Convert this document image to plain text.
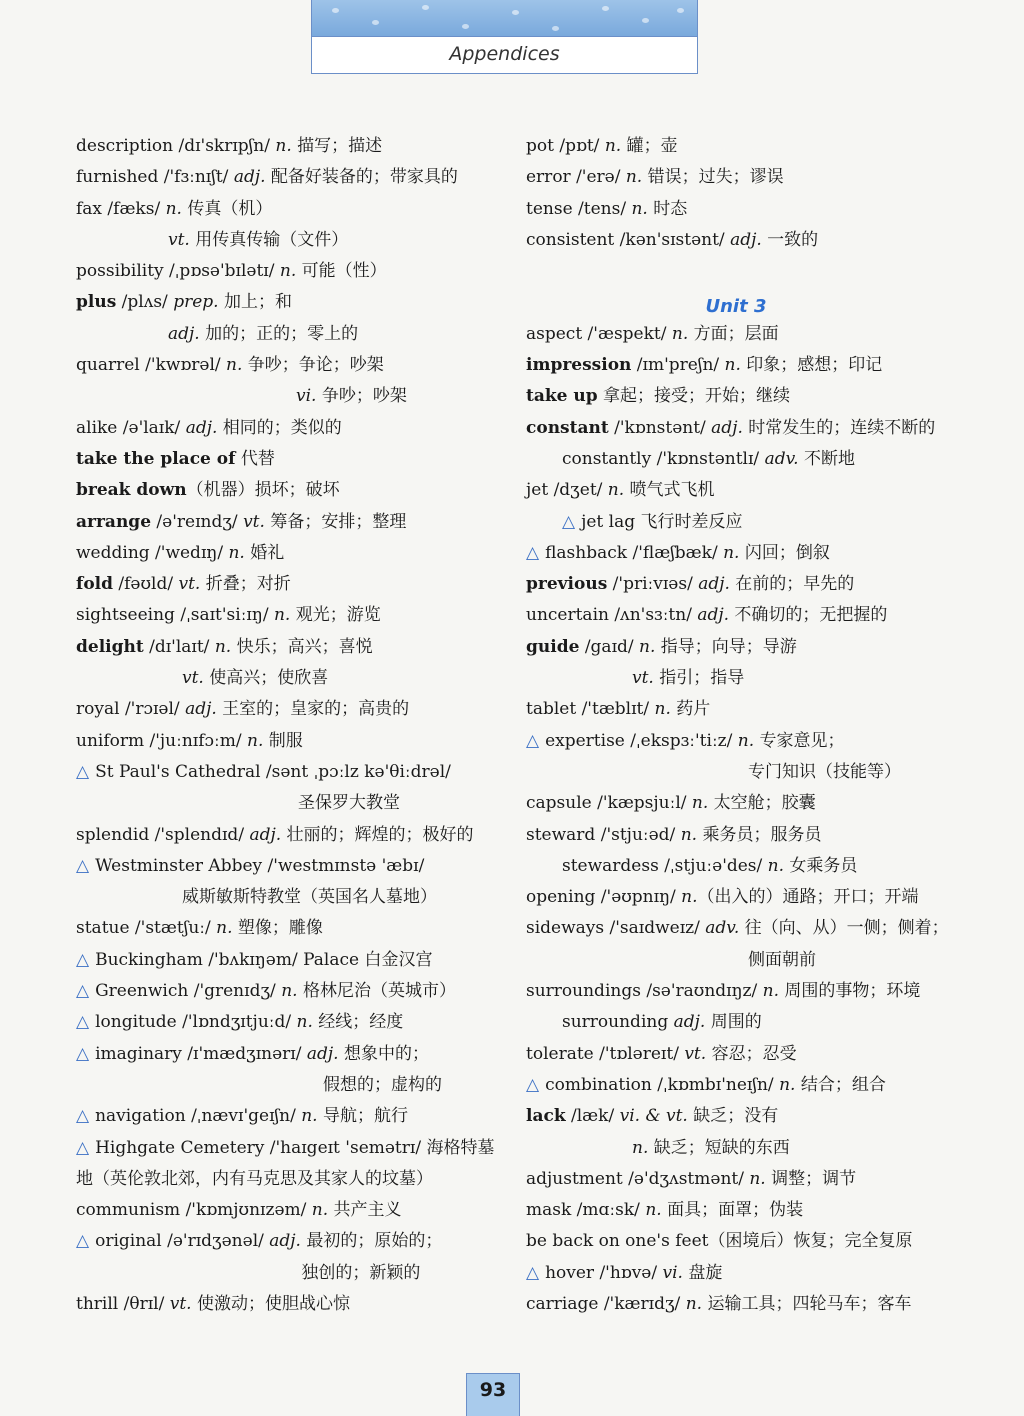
Appendices
description /dɪ'skrɪpʃn/ n. 描写；描述
furnished /'fɜːnɪʃt/ adj. 配备好装备的；带家具的
fax /fæks/ n. 传真（机）
vt. 用传真传输（文件）
possibility /ˌpɒsə'bɪlətɪ/ n. 可能（性）
plus /plʌs/ prep. 加上；和
adj. 加的；正的；零上的
quarrel /'kwɒrəl/ n. 争吵；争论；吵架
vi. 争吵；吵架
alike /ə'laɪk/ adj. 相同的；类似的
take the place of 代替
break down（机器）损坏；破坏
arrange /ə'reɪndʒ/ vt. 筹备；安排；整理
wedding /'wedɪŋ/ n. 婚礼
fold /fəʊld/ vt. 折叠；对折
sightseeing /ˌsaɪt'siːɪŋ/ n. 观光；游览
delight /dɪ'laɪt/ n. 快乐；高兴；喜悦
vt. 使高兴；使欣喜
royal /'rɔɪəl/ adj. 王室的；皇家的；高贵的
uniform /'juːnɪfɔːm/ n. 制服
△ St Paul's Cathedral /sənt ˌpɔːlz kə'θiːdrəl/
圣保罗大教堂
splendid /'splendɪd/ adj. 壮丽的；辉煌的；极好的
△ Westminster Abbey /'westmɪnstə 'æbɪ/
威斯敏斯特教堂（英国名人墓地）
statue /'stætʃuː/ n. 塑像；雕像
△ Buckingham /'bʌkɪŋəm/ Palace 白金汉宫
△ Greenwich /'grenɪdʒ/ n. 格林尼治（英城市）
△ longitude /'lɒndʒɪtjuːd/ n. 经线；经度
△ imaginary /ɪ'mædʒɪnərɪ/ adj. 想象中的；
假想的；虚构的
△ navigation /ˌnævɪ'geɪʃn/ n. 导航；航行
△ Highgate Cemetery /'haɪgeɪt 'semətrɪ/ 海格特墓
地（英伦敦北郊，内有马克思及其家人的坟墓）
communism /'kɒmjʊnɪzəm/ n. 共产主义
△ original /ə'rɪdʒənəl/ adj. 最初的；原始的；
独创的；新颖的
thrill /θrɪl/ vt. 使激动；使胆战心惊
pot /pɒt/ n. 罐；壶
error /'erə/ n. 错误；过失；谬误
tense /tens/ n. 时态
consistent /kən'sɪstənt/ adj. 一致的
Unit 3
aspect /'æspekt/ n. 方面；层面
impression /ɪm'preʃn/ n. 印象；感想；印记
take up 拿起；接受；开始；继续
constant /'kɒnstənt/ adj. 时常发生的；连续不断的
constantly /'kɒnstəntlɪ/ adv. 不断地
jet /dʒet/ n. 喷气式飞机
△ jet lag 飞行时差反应
△ flashback /'flæʃbæk/ n. 闪回；倒叙
previous /'priːvɪəs/ adj. 在前的；早先的
uncertain /ʌn'sɜːtn/ adj. 不确切的；无把握的
guide /gaɪd/ n. 指导；向导；导游
vt. 指引；指导
tablet /'tæblɪt/ n. 药片
△ expertise /ˌekspɜː'tiːz/ n. 专家意见；
专门知识（技能等）
capsule /'kæpsjuːl/ n. 太空舱；胶囊
steward /'stjuːəd/ n. 乘务员；服务员
stewardess /ˌstjuːə'des/ n. 女乘务员
opening /'əʊpnɪŋ/ n.（出入的）通路；开口；开端
sideways /'saɪdweɪz/ adv. 往（向、从）一侧；侧着；
侧面朝前
surroundings /sə'raʊndɪŋz/ n. 周围的事物；环境
surrounding adj. 周围的
tolerate /'tɒləreɪt/ vt. 容忍；忍受
△ combination /ˌkɒmbɪ'neɪʃn/ n. 结合；组合
lack /læk/ vi. & vt. 缺乏；没有
n. 缺乏；短缺的东西
adjustment /ə'dʒʌstmənt/ n. 调整；调节
mask /mɑːsk/ n. 面具；面罩；伪装
be back on one's feet（困境后）恢复；完全复原
△ hover /'hɒvə/ vi. 盘旋
carriage /'kærɪdʒ/ n. 运输工具；四轮马车；客车
93
